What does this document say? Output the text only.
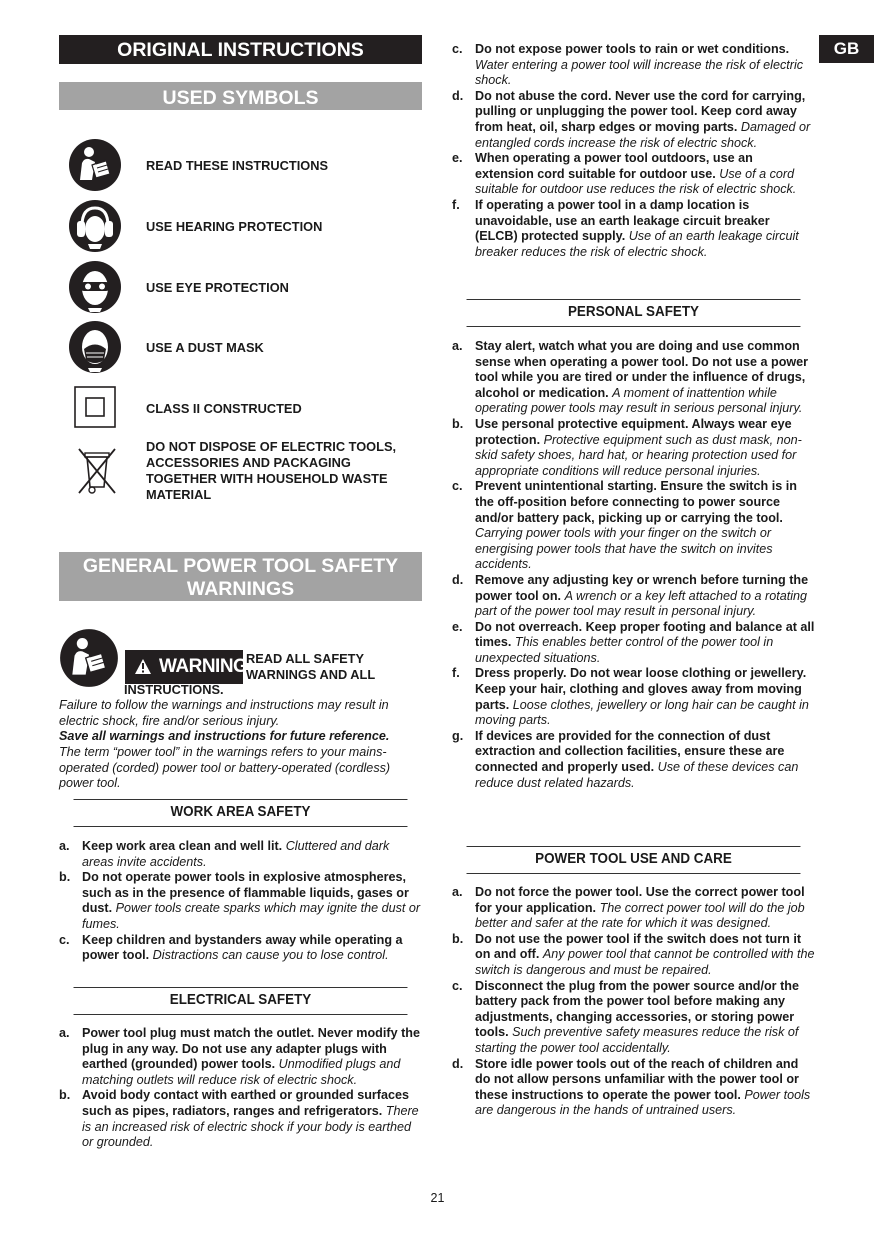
GB
ORIGINAL INSTRUCTIONS
USED SYMBOLS
READ THESE INSTRUCTIONS
USE HEARING PROTECTION
USE EYE PROTECTION
USE A DUST MASK
CLASS II CONSTRUCTED
DO NOT DISPOSE OF ELECTRIC TOOLS, ACCESSORIES AND PACKAGING TOGETHER WITH HOUSEHOLD WASTE MATERIAL
GENERAL POWER TOOL SAFETY
WARNINGS
WARNING
READ ALL SAFETY
WARNINGS AND ALL
INSTRUCTIONS.
Failure to follow the warnings and instructions may result in electric shock, fire and/or serious injury.
Save all warnings and instructions for future reference.
The term “power tool” in the warnings refers to your mains-operated (corded) power tool or battery-operated (cordless) power tool.
WORK AREA SAFETY
a. Keep work area clean and well lit. Cluttered and dark areas invite accidents.
b. Do not operate power tools in explosive atmospheres, such as in the presence of flammable liquids, gases or dust. Power tools create sparks which may ignite the dust or fumes.
c. Keep children and bystanders away while operating a power tool. Distractions can cause you to lose control.
ELECTRICAL SAFETY
a. Power tool plug must match the outlet. Never modify the plug in any way. Do not use any adapter plugs with earthed (grounded) power tools. Unmodified plugs and matching outlets will reduce risk of electric shock.
b. Avoid body contact with earthed or grounded surfaces such as pipes, radiators, ranges and refrigerators. There is an increased risk of electric shock if your body is earthed or grounded.
c. Do not expose power tools to rain or wet conditions. Water entering a power tool will increase the risk of electric shock.
d. Do not abuse the cord. Never use the cord for carrying, pulling or unplugging the power tool. Keep cord away from heat, oil, sharp edges or moving parts. Damaged or entangled cords increase the risk of electric shock.
e. When operating a power tool outdoors, use an extension cord suitable for outdoor use. Use of a cord suitable for outdoor use reduces the risk of electric shock.
f. If operating a power tool in a damp location is unavoidable, use an earth leakage circuit breaker (ELCB) protected supply. Use of an earth leakage circuit breaker reduces the risk of electric shock.
PERSONAL SAFETY
a. Stay alert, watch what you are doing and use common sense when operating a power tool. Do not use a power tool while you are tired or under the influence of drugs, alcohol or medication. A moment of inattention while operating power tools may result in serious personal injury.
b. Use personal protective equipment. Always wear eye protection. Protective equipment such as dust mask, non-skid safety shoes, hard hat, or hearing protection used for appropriate conditions will reduce personal injuries.
c. Prevent unintentional starting. Ensure the switch is in the off-position before connecting to power source and/or battery pack, picking up or carrying the tool. Carrying power tools with your finger on the switch or energising power tools that have the switch on invites accidents.
d. Remove any adjusting key or wrench before turning the power tool on. A wrench or a key left attached to a rotating part of the power tool may result in personal injury.
e. Do not overreach. Keep proper footing and balance at all times. This enables better control of the power tool in unexpected situations.
f. Dress properly. Do not wear loose clothing or jewellery. Keep your hair, clothing and gloves away from moving parts. Loose clothes, jewellery or long hair can be caught in moving parts.
g. If devices are provided for the connection of dust extraction and collection facilities, ensure these are connected and properly used. Use of these devices can reduce dust related hazards.
POWER TOOL USE AND CARE
a. Do not force the power tool. Use the correct power tool for your application. The correct power tool will do the job better and safer at the rate for which it was designed.
b. Do not use the power tool if the switch does not turn it on and off. Any power tool that cannot be controlled with the switch is dangerous and must be repaired.
c. Disconnect the plug from the power source and/or the battery pack from the power tool before making any adjustments, changing accessories, or storing power tools. Such preventive safety measures reduce the risk of starting the power tool accidentally.
d. Store idle power tools out of the reach of children and do not allow persons unfamiliar with the power tool or these instructions to operate the power tool. Power tools are dangerous in the hands of untrained users.
21
